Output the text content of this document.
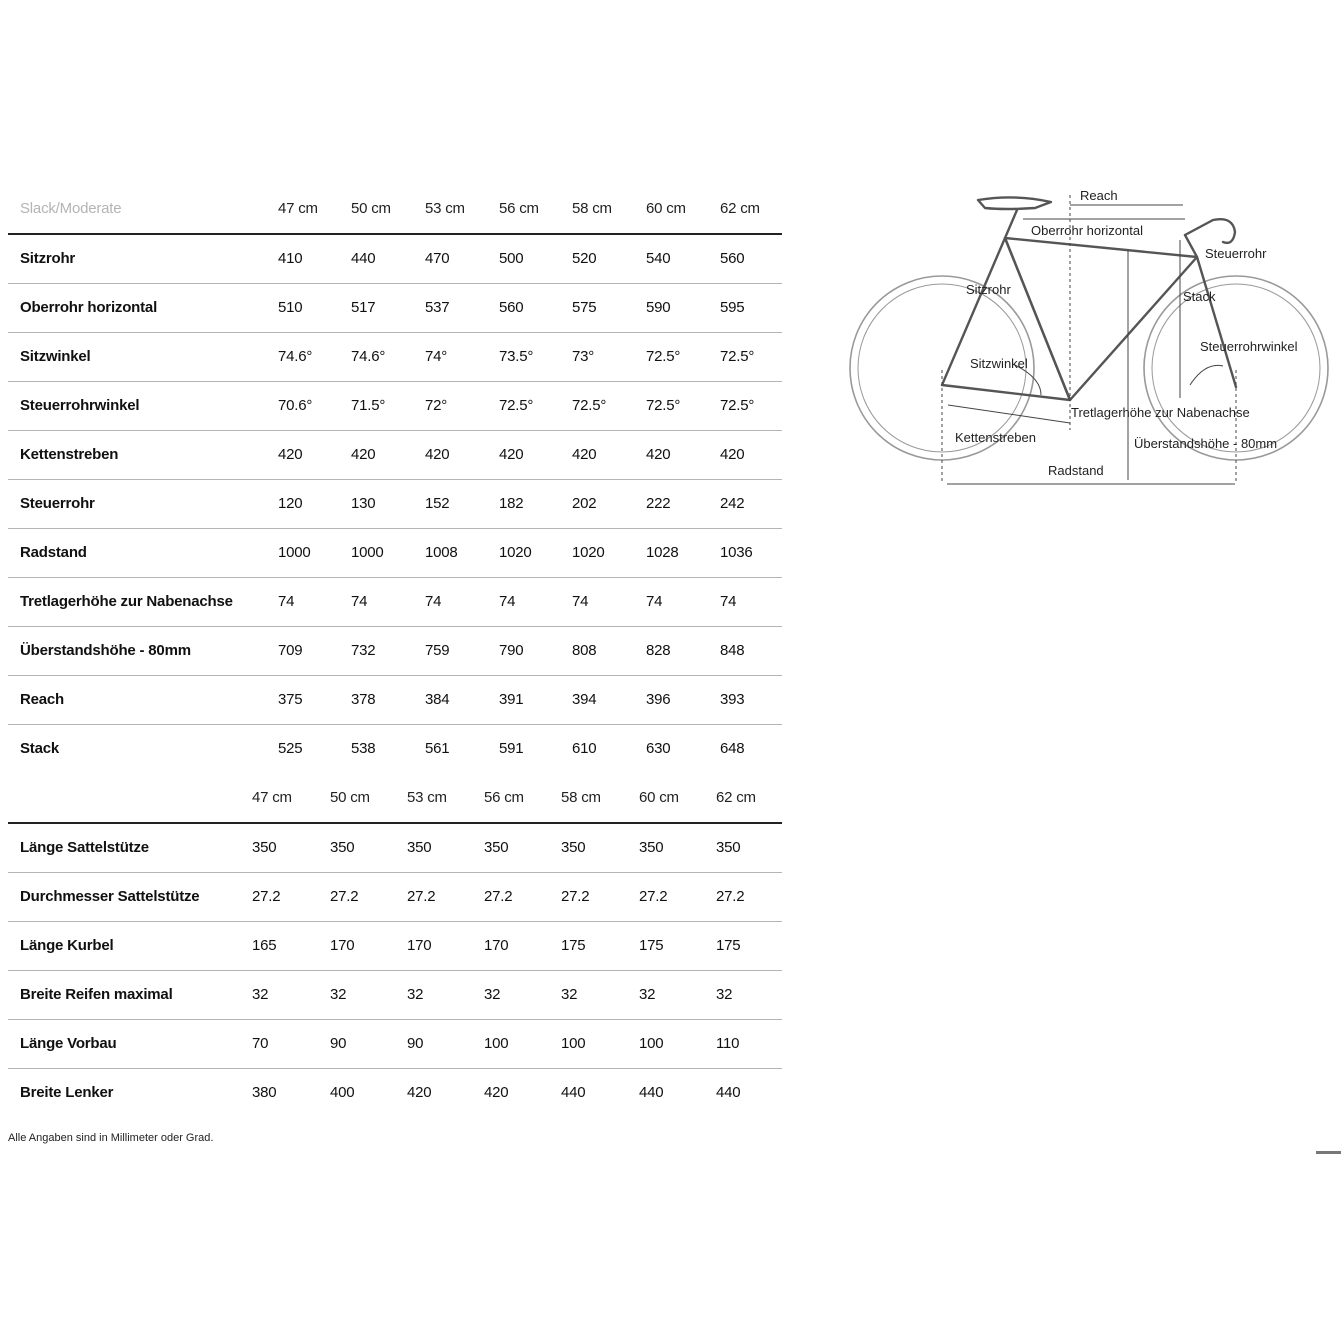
Slack/Moderate	47 cm 50 cm 53 cm 56 cm 58 cm 60 cm 62 cm
Sitzrohr	410	440	470	500	520	540	560
Oberrohr horizontal	510	517	537	560	575	590	595
Sitzwinkel	74.6°	74.6°	74°	73.5°	73°	72.5°	72.5°
Steuerrohrwinkel	70.6°	71.5°	72°	72.5°	72.5°	72.5°	72.5°
Kettenstreben	420	420	420	420	420	420	420
Steuerrohr	120	130	152	182	202	222	242
Radstand	1000	1000	1008	1020	1020	1028	1036
Tretlagerhöhe zur Nabenachse	74	74	74	74	74	74	74
Überstandshöhe - 80mm	709	732	759	790	808	828	848
Reach	375	378	384	391	394	396	393
Stack	525	538	561	591	610	630	648
47 cm	50 cm 53 cm 56 cm 58 cm	60 cm 62 cm
Länge Sattelstütze	350	350	350	350	350	350	350
Durchmesser Sattelstütze	27.2	27.2	27.2	27.2	27.2	27.2	27.2
Länge Kurbel	165	170	170	170	175	175	175
Breite Reifen maximal	32	32	32	32	32	32	32
Länge Vorbau	70	90	90	100	100	100	110
Breite Lenker	380	400	420	420	440	440	440
Alle Angaben sind in Millimeter oder Grad.
Reach
Oberrohr horizontal
Steuerrohr
Sitzrohr	Stack
Steuerrohrwinkel
Sitzwinkel
Tretlagerhöhe zur Nabenachse
Kettenstreben	Überstandshöhe - 80mm
Radstand
